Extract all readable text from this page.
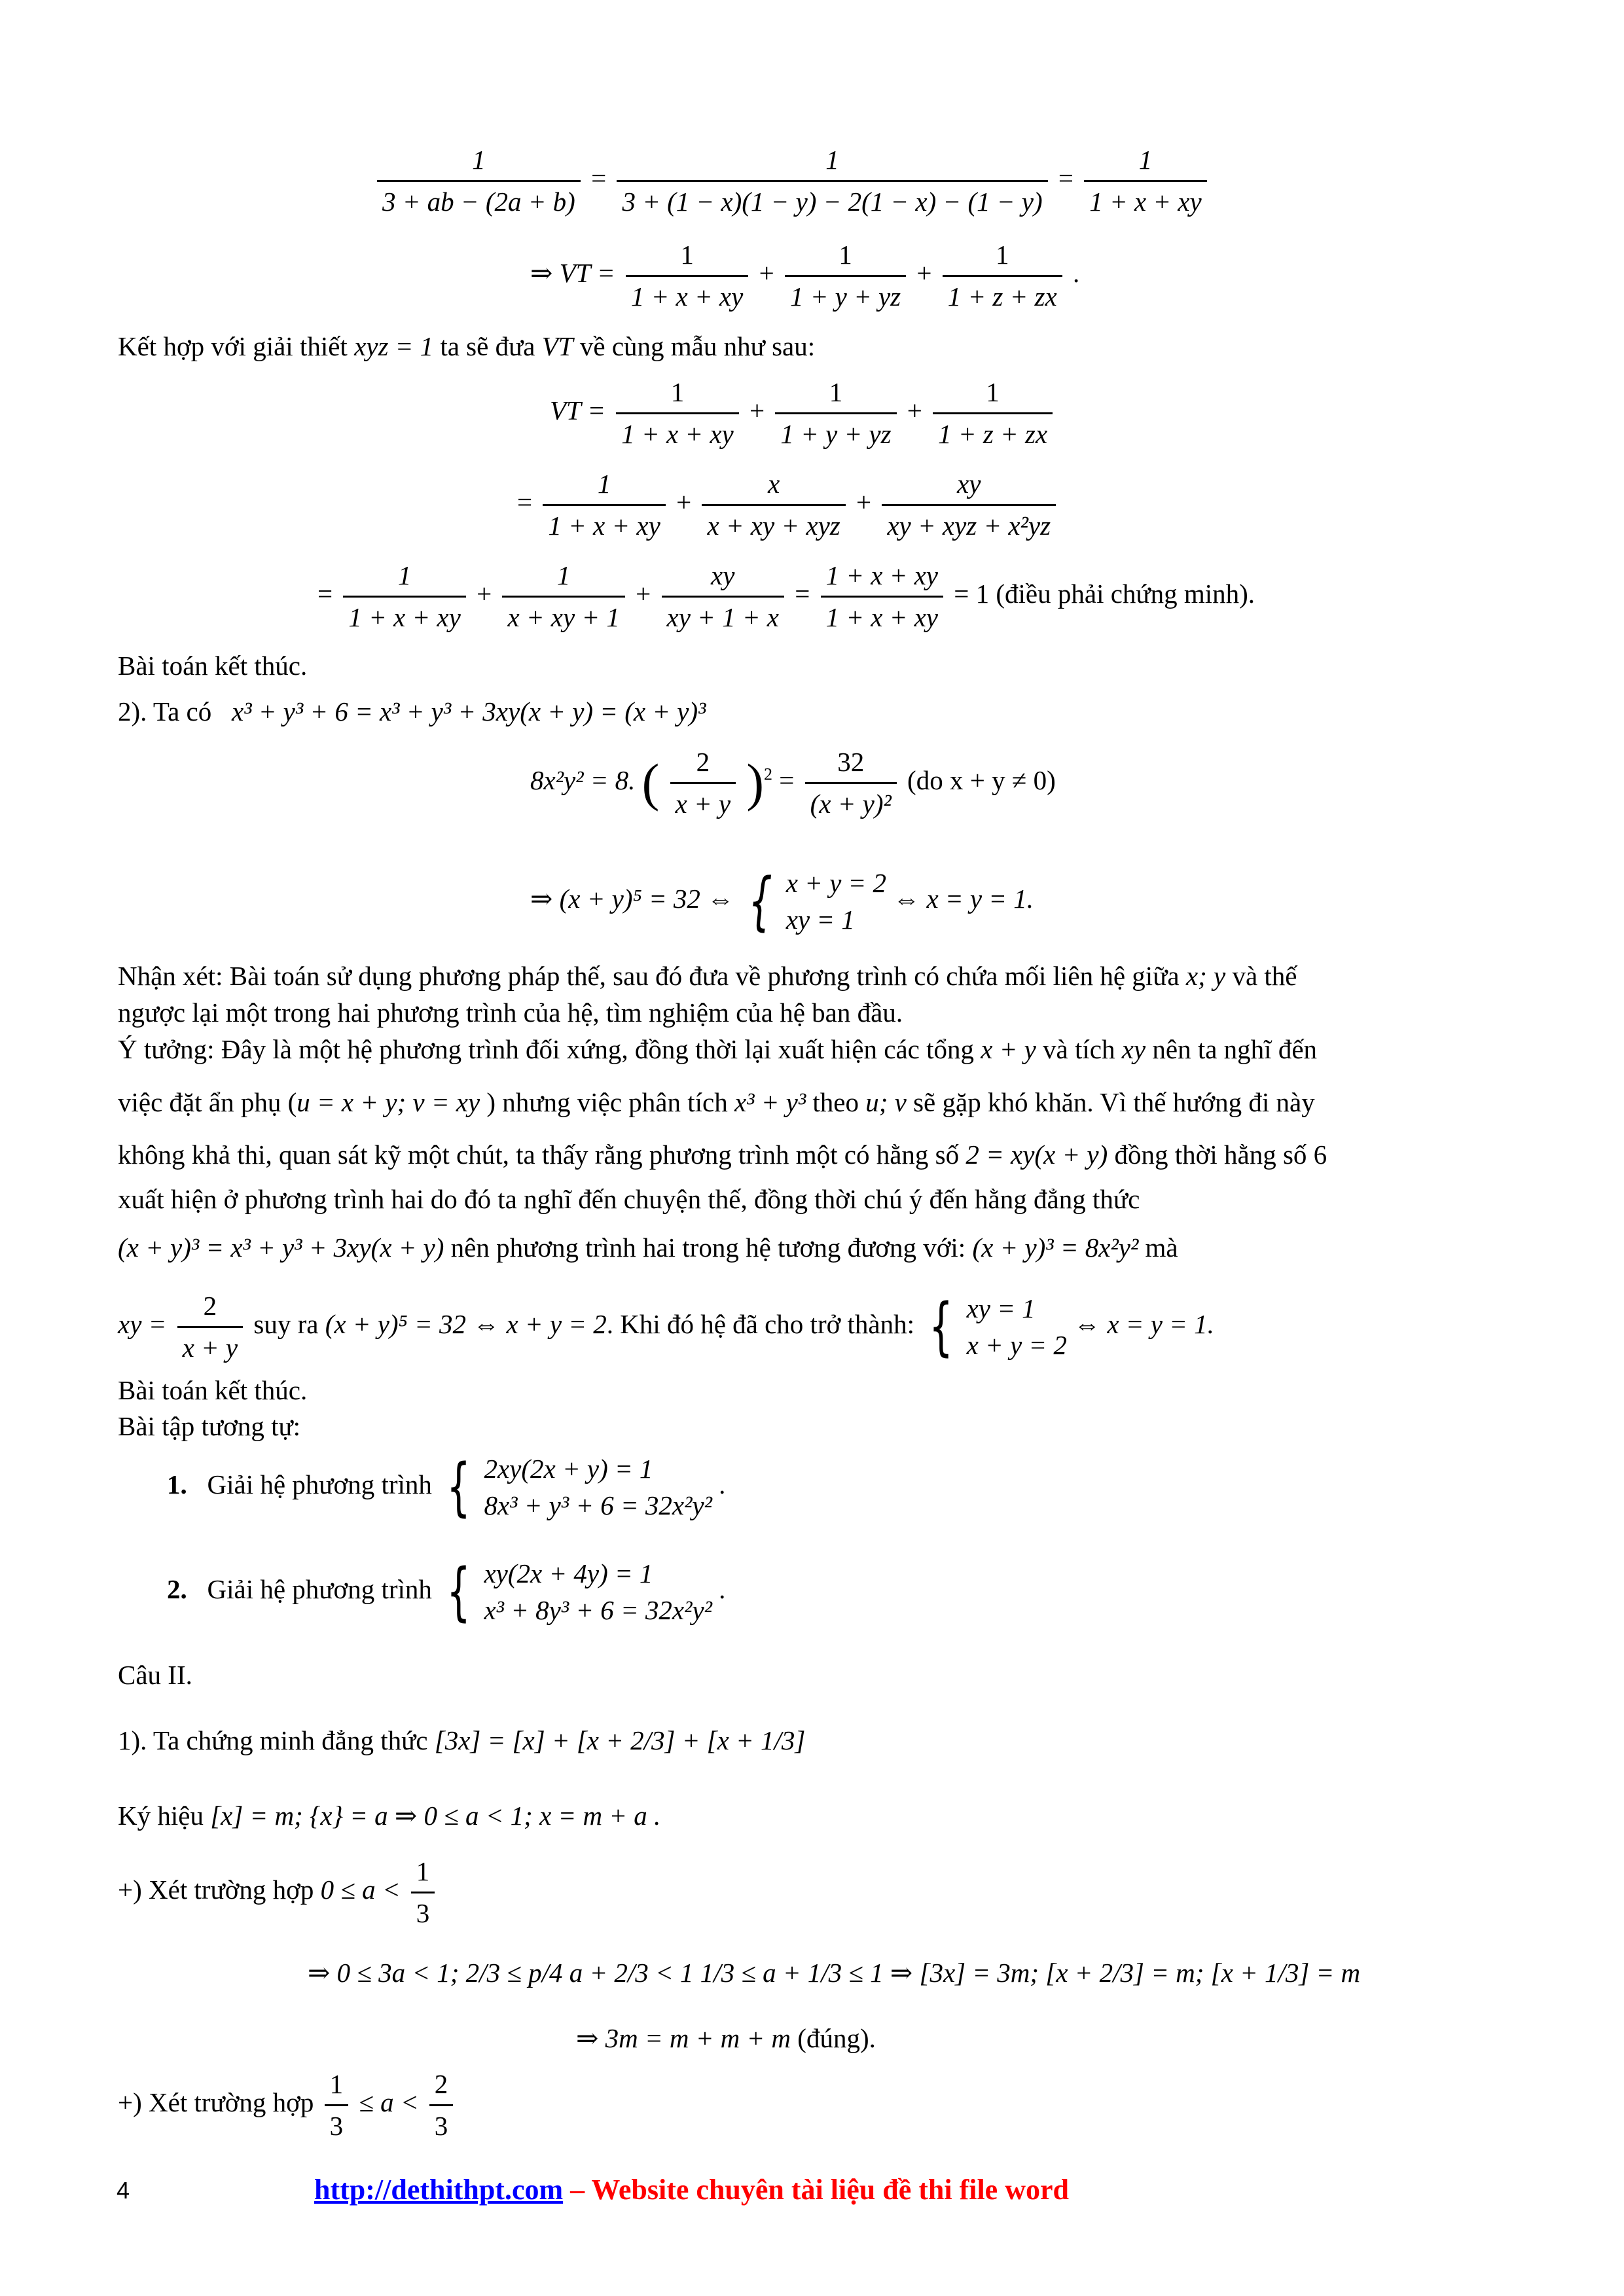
$\frac{1}{3 + ab - (2a + b)} = \frac{1}{3 + (1 - x)(1 - y) - 2(1 - x) - (1 - y)} = \frac{1}{1 + x + xy}$
⇒ VT = $\frac{1}{1 + x + xy} + \frac{1}{1 + y + yz} + \frac{1}{1 + z + zx}$ .
Kết hợp với giải thiết xyz = 1 ta sẽ đưa VT về cùng mẫu như sau:
VT = $\frac{1}{1 + x + xy} + \frac{1}{1 + y + yz} + \frac{1}{1 + z + zx}$
= $\frac{1}{1 + x + xy} + \frac{x}{\text{x + xy + xyz}} + \frac{xy}{\text{xy + xyz + x²yz}}$
= $\frac{1}{1 + x + xy} + \frac{1}{x + xy + 1} + \frac{xy}{xy + 1 + x} = \frac{1 + x + xy}{1 + x + xy} = 1$ (điều phải chứng minh).
Bài toán kết thúc.
2). Ta có x³ + y³ + 6 = x³ + y³ + 3xy(x + y) = (x + y)³
8x²y² = 8. ( $\frac{2}{x + y} )^2 = \frac{32}{\text{(x + y)²}} (do$ x + y ≠ 0)
⇒ (x + y)⁵ = 32 ⇔ { x + y = 2
xy = 1
⇔ x = y = 1.
Nhận xét: Bài toán sử dụng phương pháp thế, sau đó đưa về phương trình có chứa mối liên hệ giữa x; y và thế
ngược lại một trong hai phương trình của hệ, tìm nghiệm của hệ ban đầu.
Ý tưởng: Đây là một hệ phương trình đối xứng, đồng thời lại xuất hiện các tổng x + y và tích xy nên ta nghĩ đến
việc đặt ẩn phụ (u = x + y; v = xy ) nhưng việc phân tích x³ + y³ theo u; v sẽ gặp khó khăn. Vì thế hướng đi này
không khả thi, quan sát kỹ một chút, ta thấy rằng phương trình một có hằng số 2 = xy(x + y) đồng thời hằng số 6
xuất hiện ở phương trình hai do đó ta nghĩ đến chuyện thế, đồng thời chú ý đến hằng đẳng thức
(x + y)³ = x³ + y³ + 3xy(x + y) nên phương trình hai trong hệ tương đương với: (x + y)³ = 8x²y² mà
xy = $\frac{2}{x + y}$ suy ra (x + y)⁵ = 32 ⇔ x + y = 2. Khi đó hệ đã cho trở thành: { xy = 1
x + y = 2
⇔ x = y = 1.
Bài toán kết thúc.
Bài tập tương tự:
1. Giải hệ phương trình { 2xy(2x + y) = 1
8x³ + y³ + 6 = 32x²y²
.
2. Giải hệ phương trình { xy(2x + 4y) = 1
x³ + 8y³ + 6 = 32x²y²
.
Câu II.
1). Ta chứng minh đẳng thức [3x] = [x] + [x + 2/3] + [x + 1/3]
Ký hiệu [x] = m; {x} = a ⇒ 0 ≤ a < 1; x = m + a .
+) Xét trường hợp $0 \le a < \frac{1}{3}$
⇒ 0 ≤ 3a < 1; 2/3 ≤ p/4 a + 2/3 < 1 1/3 ≤ a + 1/3 ≤ 1 ⇒ [3x] = 3m; [x + 2/3] = m; [x + 1/3] = m
⇒ 3m = m + m + m (đúng).
+) Xét trường hợp $\frac{1}{3} \le a < \frac{2}{3}$
4	http://dethithpt.com – Website chuyên tài liệu đề thi file word
